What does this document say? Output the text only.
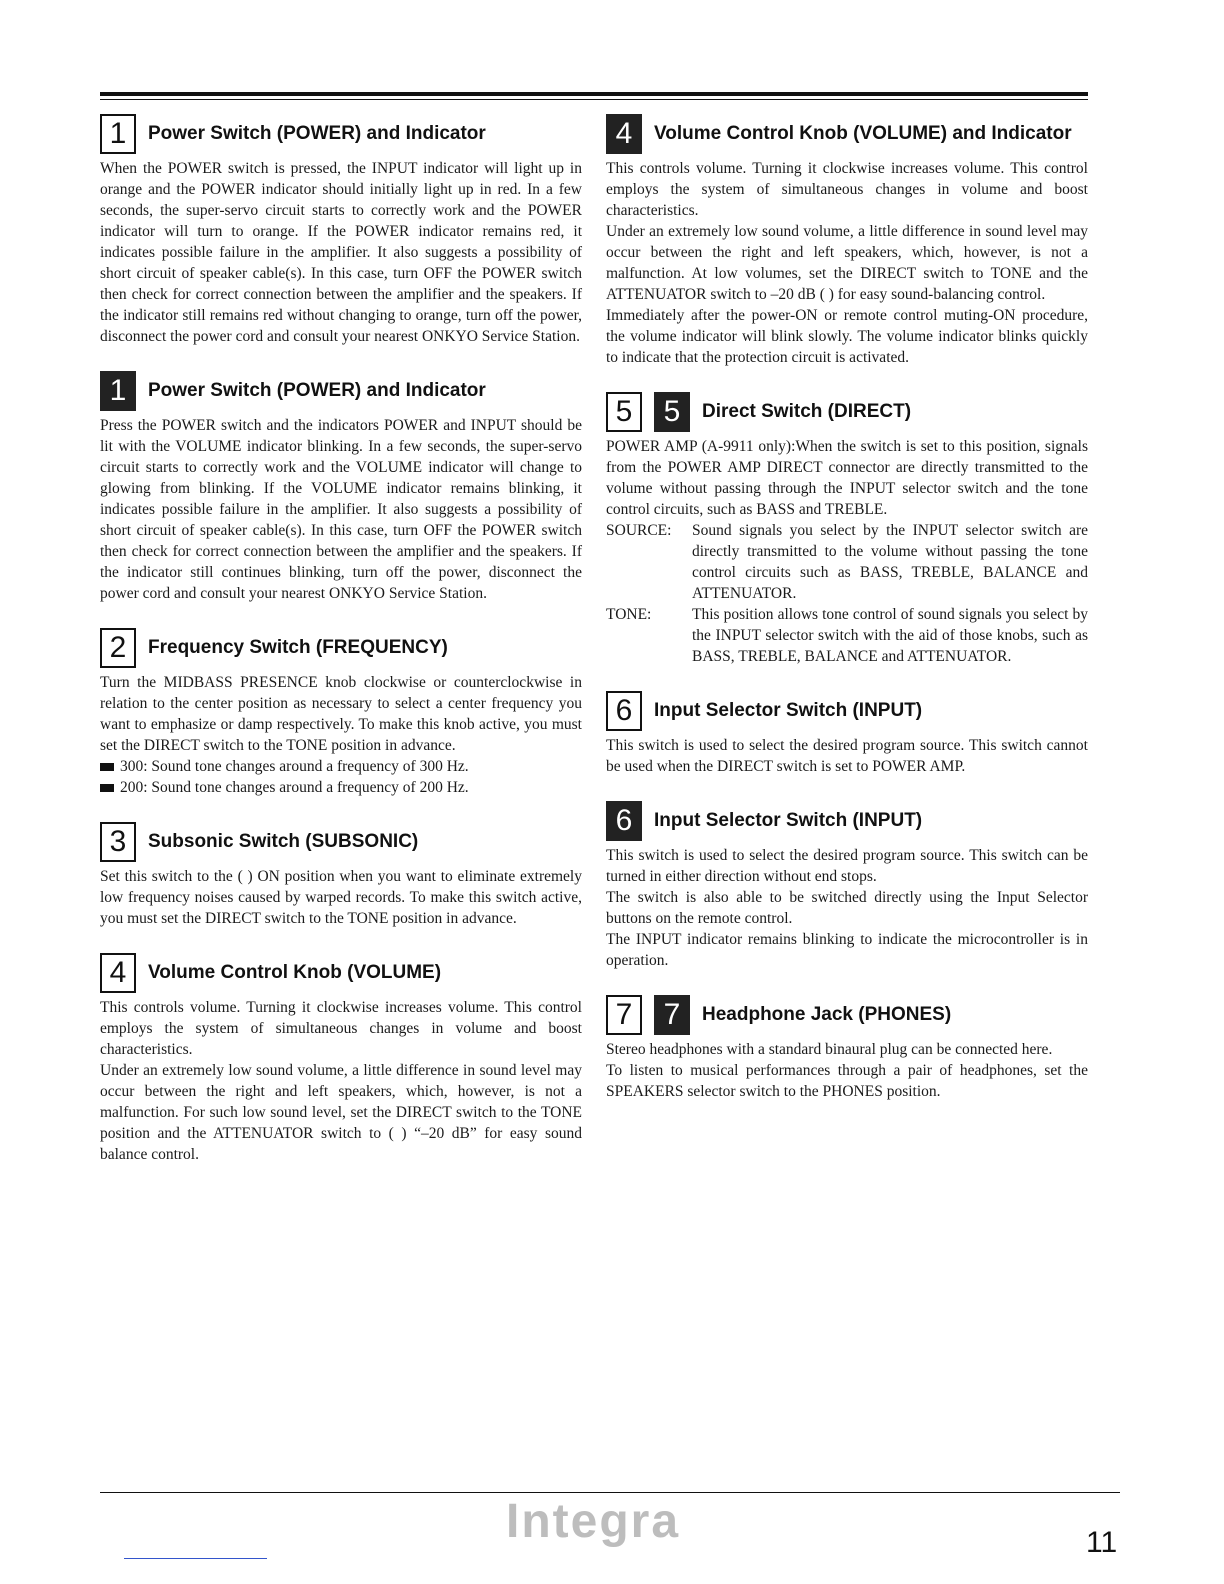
1	Power Switch (POWER) and Indicator

When the POWER switch is pressed, the INPUT indicator will light up in orange and the POWER indicator should initially light up in red. In a few seconds, the super-servo circuit starts to correctly work and the POWER indicator will turn to orange. If the POWER indicator remains red, it indicates possible failure in the amplifier. It also suggests a possibility of short circuit of speaker cable(s). In this case, turn OFF the POWER switch then check for correct connection between the amplifier and the speakers. If the indicator still remains red without changing to orange, turn off the power, disconnect the power cord and consult your nearest ONKYO Service Station.

1	Power Switch (POWER) and Indicator

Press the POWER switch and the indicators POWER and INPUT should be lit with the VOLUME indicator blinking. In a few seconds, the super-servo circuit starts to correctly work and the VOLUME indicator will change to glowing from blinking. If the VOLUME indicator remains blinking, it indicates possible failure in the amplifier. It also suggests a possibility of short circuit of speaker cable(s). In this case, turn OFF the POWER switch then check for correct connection between the amplifier and the speakers. If the indicator still continues blinking, turn off the power, disconnect the power cord and consult your nearest ONKYO Service Station.

2	Frequency Switch (FREQUENCY)

Turn the MIDBASS PRESENCE knob clockwise or counterclockwise in relation to the center position as necessary to select a center frequency you want to emphasize or damp respectively. To make this knob active, you must set the DIRECT switch to the TONE position in advance.

300: Sound tone changes around a frequency of 300 Hz.
200: Sound tone changes around a frequency of 200 Hz.
3	Subsonic Switch (SUBSONIC)

Set this switch to the ( ) ON position when you want to eliminate extremely low frequency noises caused by warped records. To make this switch active, you must set the DIRECT switch to the TONE position in advance.

4	Volume Control Knob (VOLUME)

This controls volume. Turning it clockwise increases volume. This control employs the system of simultaneous changes in volume and boost characteristics.

Under an extremely low sound volume, a little difference in sound level may occur between the right and left speakers, which, however, is not a malfunction. For such low sound level, set the DIRECT switch to the TONE position and the ATTENUATOR switch to ( ) “–20 dB” for easy sound balance control.

4	Volume Control Knob (VOLUME) and Indicator

This controls volume. Turning it clockwise increases volume. This control employs the system of simultaneous changes in volume and boost characteristics.

Under an extremely low sound volume, a little difference in sound level may occur between the right and left speakers, which, however, is not a malfunction. At low volumes, set the DIRECT switch to TONE and the ATTENUATOR switch to –20 dB ( ) for easy sound-balancing control.

Immediately after the power-ON or remote control muting-ON procedure, the volume indicator will blink slowly. The volume indicator blinks quickly to indicate that the protection circuit is activated.

5	5	Direct Switch (DIRECT)
POWER AMP (A-9911 only):When the switch is set to this position, signals from the POWER AMP DIRECT connector are directly transmitted to the volume without passing through the INPUT selector switch and the tone control circuits, such as BASS and TREBLE.
SOURCE:	Sound signals you select by the INPUT selector switch are directly transmitted to the volume without passing the tone control circuits such as BASS, TREBLE, BALANCE and ATTENUATOR.
TONE:	This position allows tone control of sound signals you select by the INPUT selector switch with the aid of those knobs, such as BASS, TREBLE, BALANCE and ATTENUATOR.
6	Input Selector Switch (INPUT)

This switch is used to select the desired program source. This switch cannot be used when the DIRECT switch is set to POWER AMP.

6	Input Selector Switch (INPUT)

This switch is used to select the desired program source. This switch can be turned in either direction without end stops.

The switch is also able to be switched directly using the Input Selector buttons on the remote control.

The INPUT indicator remains blinking to indicate the microcontroller is in operation.

7	7	Headphone Jack (PHONES)

Stereo headphones with a standard binaural plug can be connected here.

To listen to musical performances through a pair of headphones, set the SPEAKERS selector switch to the PHONES position.

Integra	11
